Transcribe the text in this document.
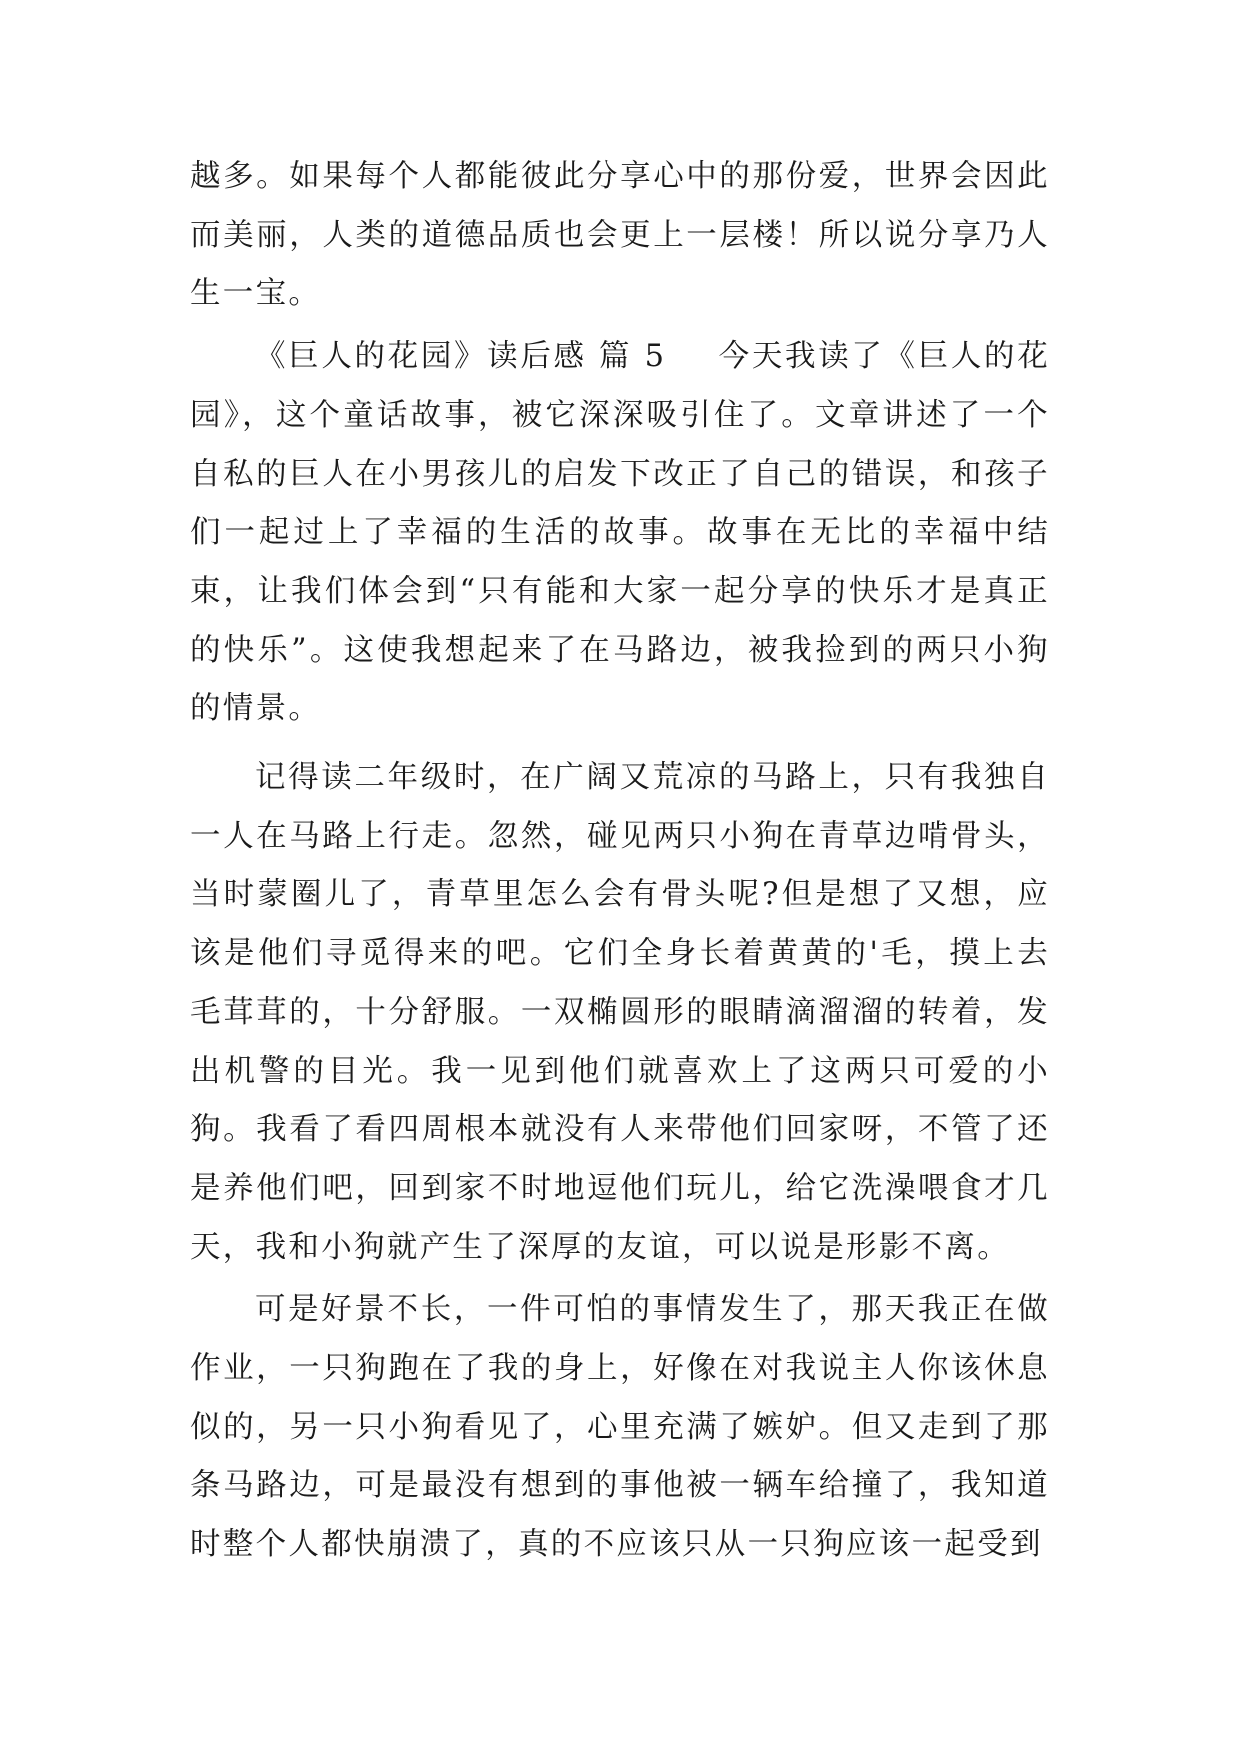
越多。如果每个人都能彼此分享心中的那份爱，世界会因此而美丽，人类的道德品质也会更上一层楼！所以说分享乃人生一宝。

《巨人的花园》读后感 篇 5 今天我读了《巨人的花园》，这个童话故事，被它深深吸引住了。文章讲述了一个自私的巨人在小男孩儿的启发下改正了自己的错误，和孩子们一起过上了幸福的生活的故事。故事在无比的幸福中结束，让我们体会到“只有能和大家一起分享的快乐才是真正的快乐”。这使我想起来了在马路边，被我捡到的两只小狗的情景。

记得读二年级时，在广阔又荒凉的马路上，只有我独自一人在马路上行走。忽然，碰见两只小狗在青草边啃骨头，当时蒙圈儿了，青草里怎么会有骨头呢?但是想了又想，应该是他们寻觅得来的吧。它们全身长着黄黄的'毛，摸上去毛茸茸的，十分舒服。一双椭圆形的眼睛滴溜溜的转着，发出机警的目光。我一见到他们就喜欢上了这两只可爱的小狗。我看了看四周根本就没有人来带他们回家呀，不管了还是养他们吧，回到家不时地逗他们玩儿，给它洗澡喂食才几天，我和小狗就产生了深厚的友谊，可以说是形影不离。

可是好景不长，一件可怕的事情发生了，那天我正在做作业，一只狗跑在了我的身上，好像在对我说主人你该休息似的，另一只小狗看见了，心里充满了嫉妒。但又走到了那条马路边，可是最没有想到的事他被一辆车给撞了，我知道时整个人都快崩溃了，真的不应该只从一只狗应该一起受到
